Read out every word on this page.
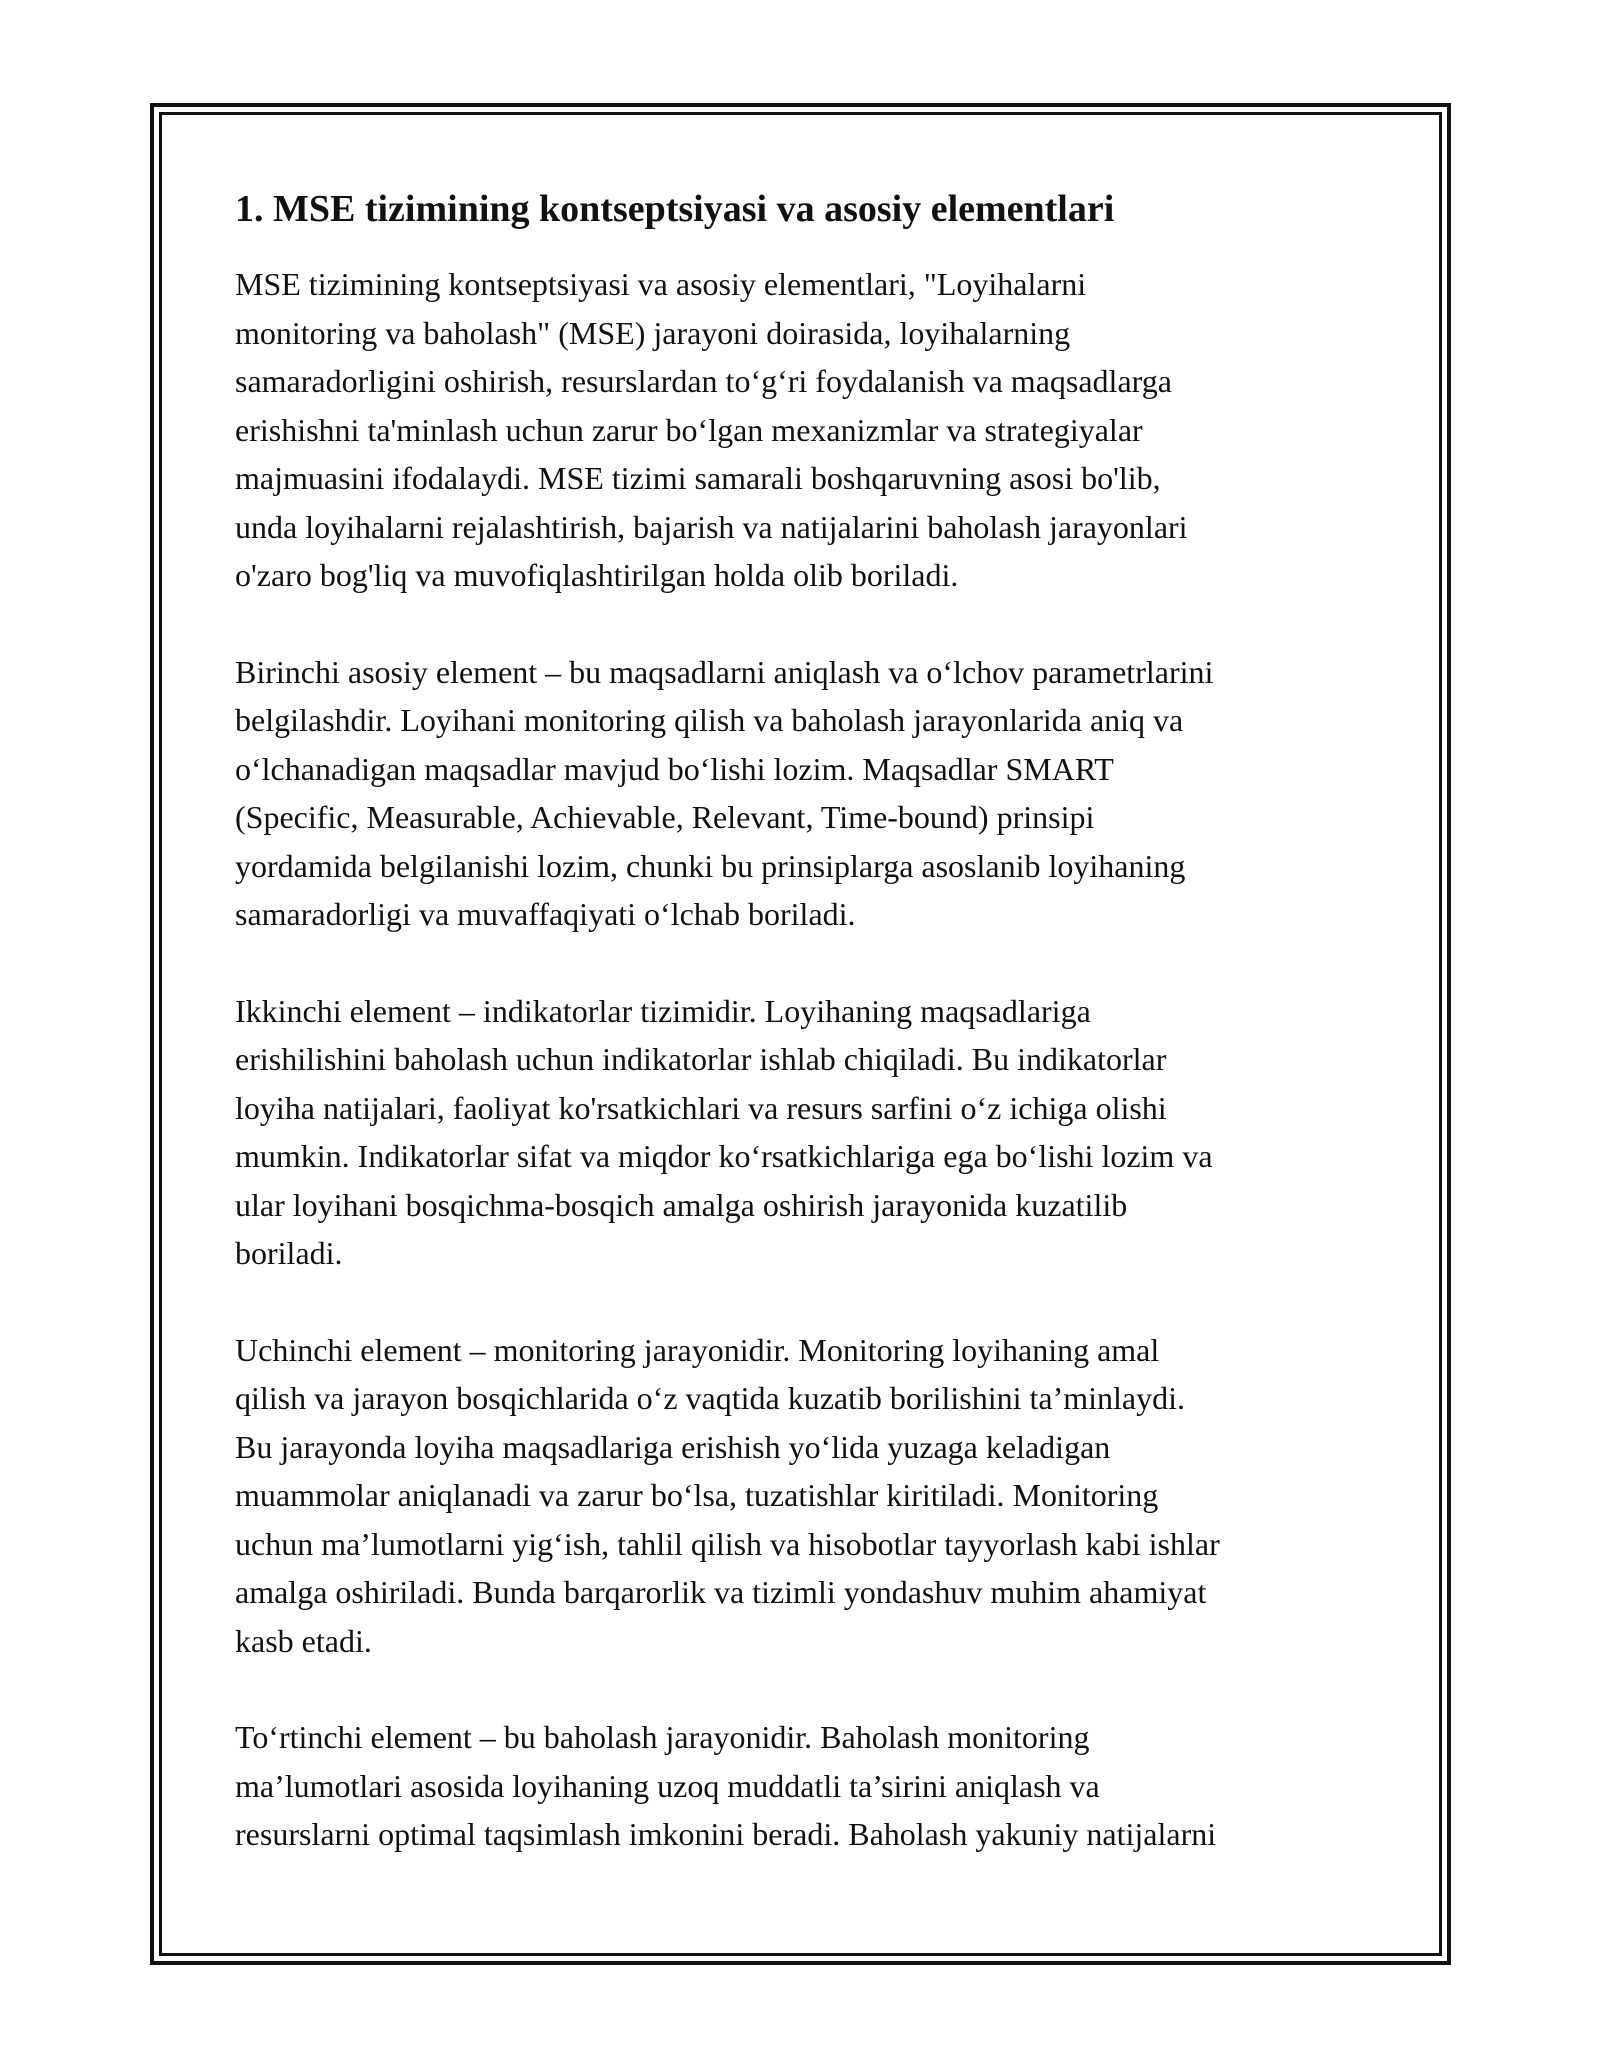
1. MSE tizimining kontseptsiyasi va asosiy elementlari

MSE tizimining kontseptsiyasi va asosiy elementlari, "Loyihalarni
monitoring va baholash" (MSE) jarayoni doirasida, loyihalarning
samaradorligini oshirish, resurslardan to‘g‘ri foydalanish va maqsadlarga
erishishni ta'minlash uchun zarur bo‘lgan mexanizmlar va strategiyalar
majmuasini ifodalaydi. MSE tizimi samarali boshqaruvning asosi bo'lib,
unda loyihalarni rejalashtirish, bajarish va natijalarini baholash jarayonlari
o'zaro bog'liq va muvofiqlashtirilgan holda olib boriladi.

Birinchi asosiy element – bu maqsadlarni aniqlash va o‘lchov parametrlarini
belgilashdir. Loyihani monitoring qilish va baholash jarayonlarida aniq va
o‘lchanadigan maqsadlar mavjud bo‘lishi lozim. Maqsadlar SMART
(Specific, Measurable, Achievable, Relevant, Time-bound) prinsipi
yordamida belgilanishi lozim, chunki bu prinsiplarga asoslanib loyihaning
samaradorligi va muvaffaqiyati o‘lchab boriladi.

Ikkinchi element – indikatorlar tizimidir. Loyihaning maqsadlariga
erishilishini baholash uchun indikatorlar ishlab chiqiladi. Bu indikatorlar
loyiha natijalari, faoliyat ko'rsatkichlari va resurs sarfini o‘z ichiga olishi
mumkin. Indikatorlar sifat va miqdor ko‘rsatkichlariga ega bo‘lishi lozim va
ular loyihani bosqichma-bosqich amalga oshirish jarayonida kuzatilib
boriladi.

Uchinchi element – monitoring jarayonidir. Monitoring loyihaning amal
qilish va jarayon bosqichlarida o‘z vaqtida kuzatib borilishini ta’minlaydi.
Bu jarayonda loyiha maqsadlariga erishish yo‘lida yuzaga keladigan
muammolar aniqlanadi va zarur bo‘lsa, tuzatishlar kiritiladi. Monitoring
uchun ma’lumotlarni yig‘ish, tahlil qilish va hisobotlar tayyorlash kabi ishlar
amalga oshiriladi. Bunda barqarorlik va tizimli yondashuv muhim ahamiyat
kasb etadi.

To‘rtinchi element – bu baholash jarayonidir. Baholash monitoring
ma’lumotlari asosida loyihaning uzoq muddatli ta’sirini aniqlash va
resurslarni optimal taqsimlash imkonini beradi. Baholash yakuniy natijalarni
